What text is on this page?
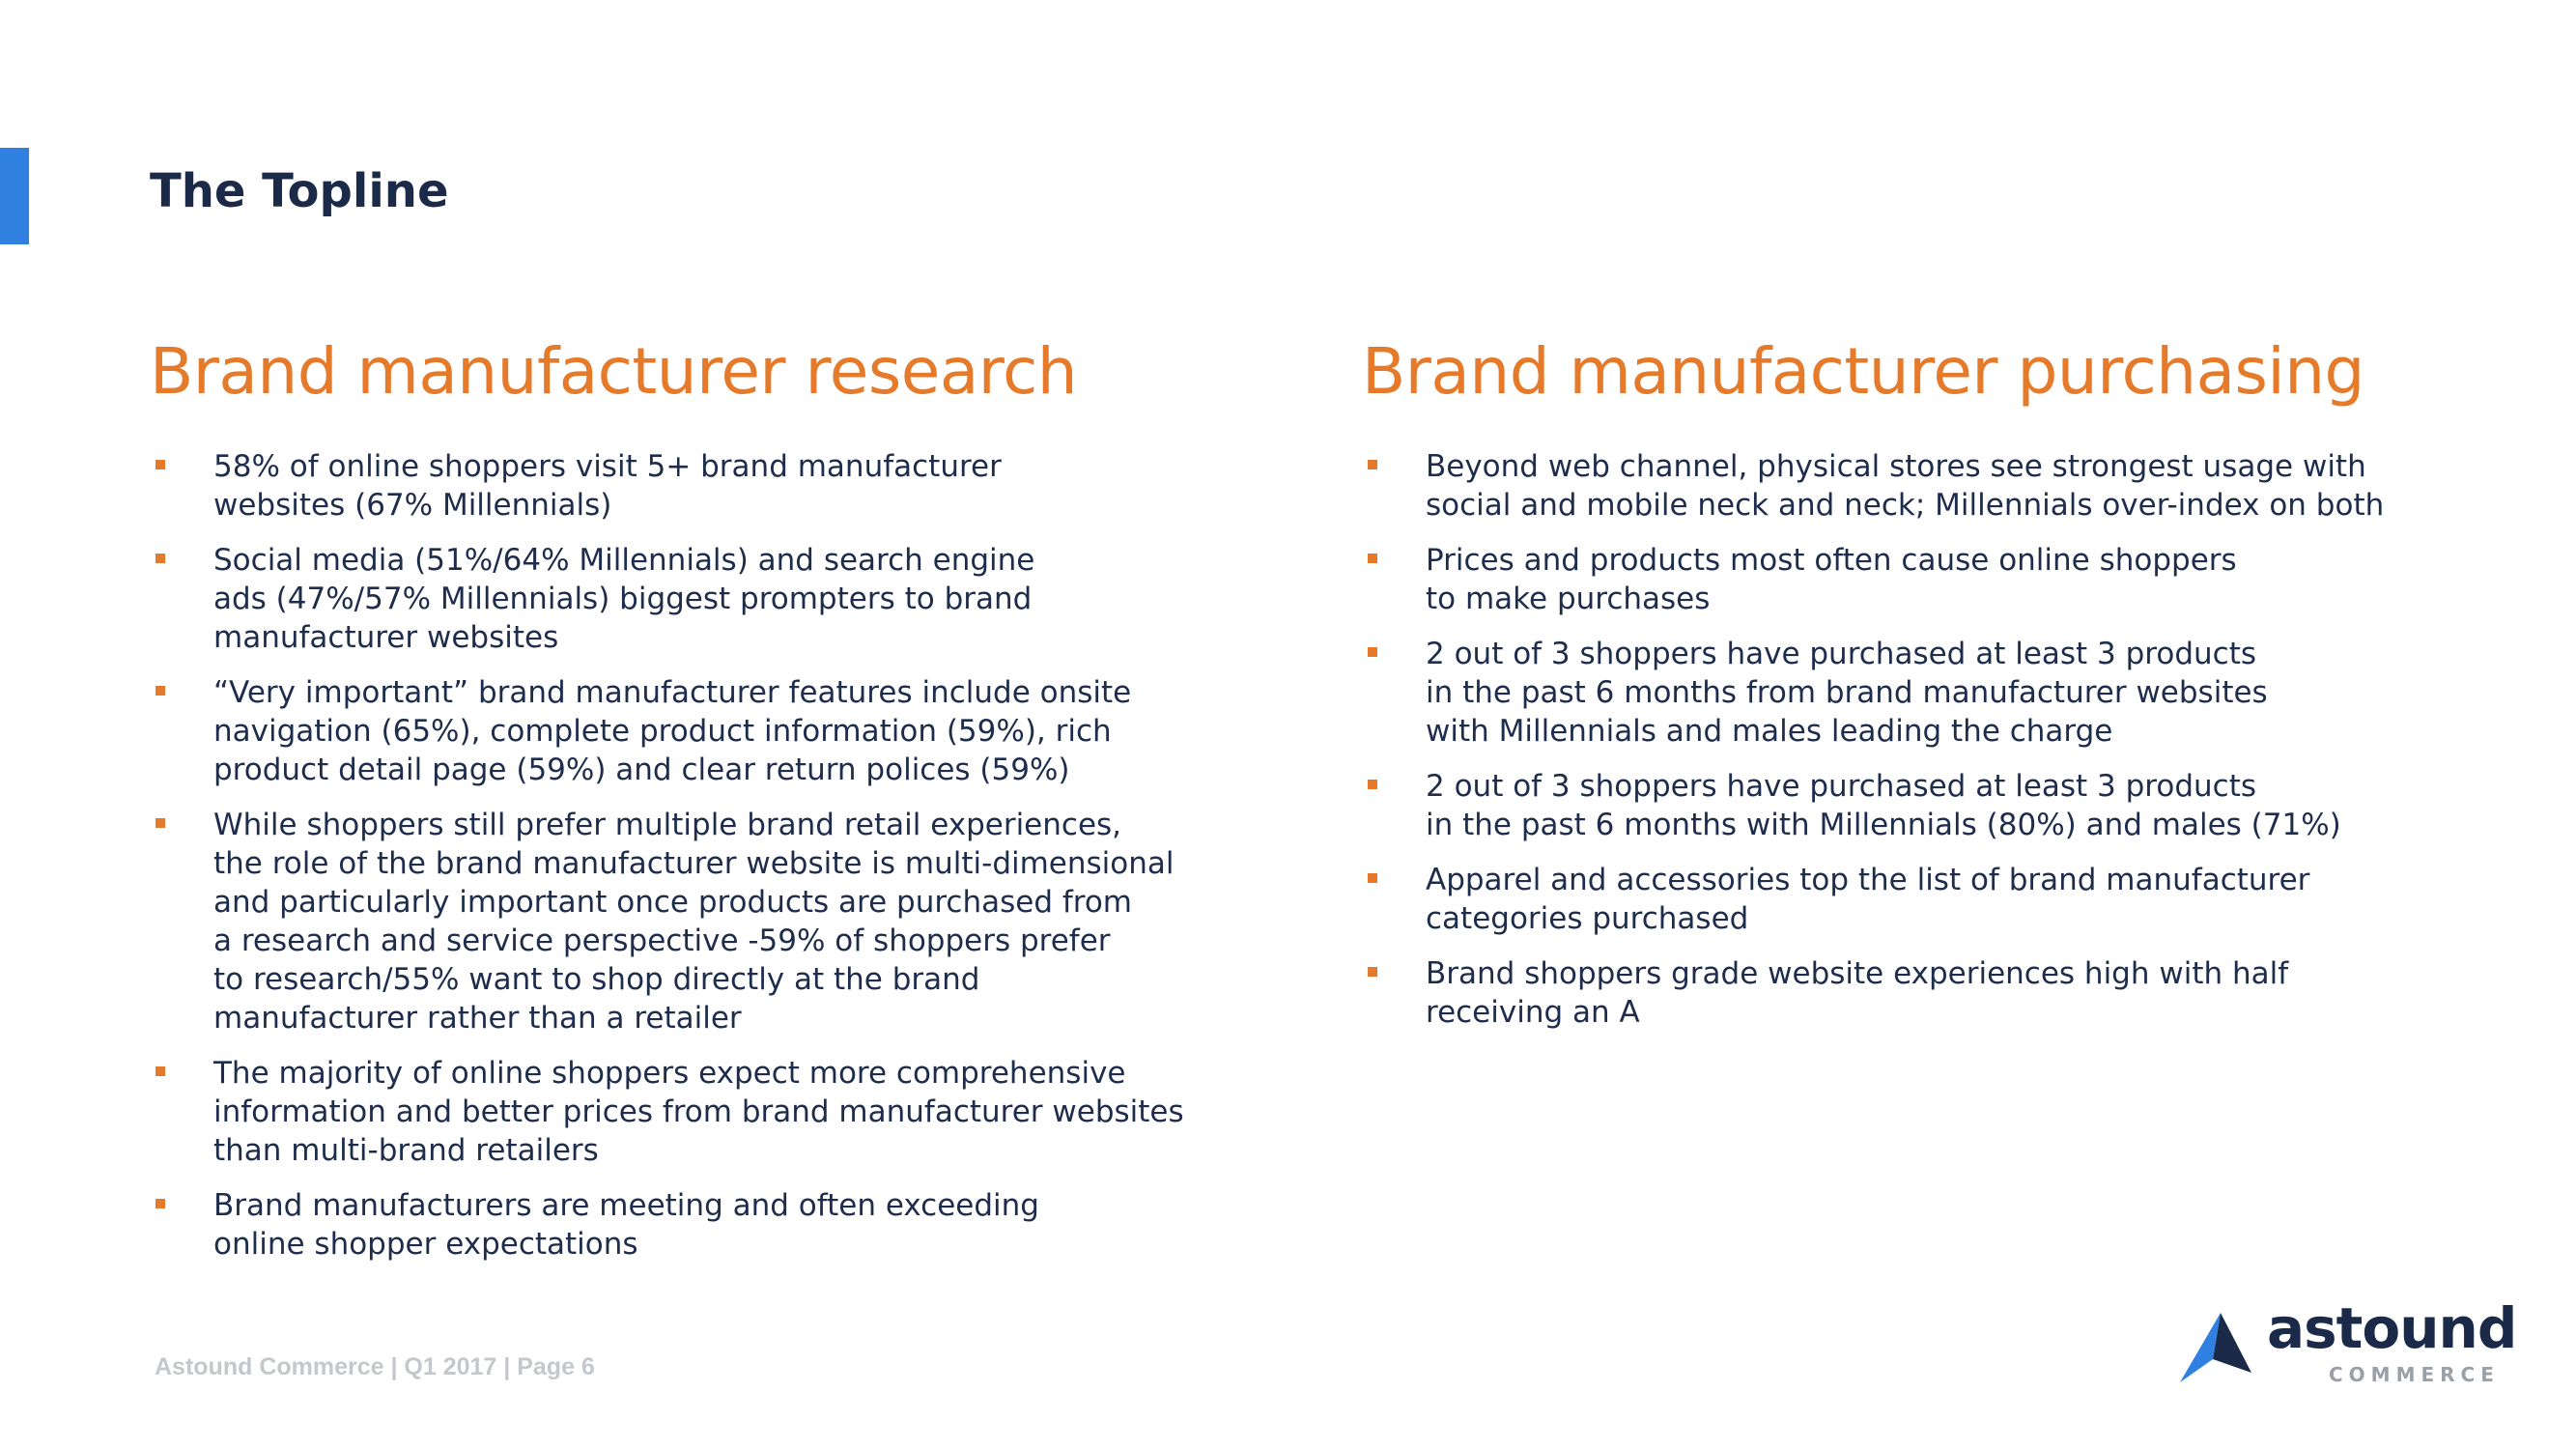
The Topline
Brand manufacturer research
58% of online shoppers visit 5+ brand manufacturer
websites (67% Millennials)
Social media (51%/64% Millennials) and search engine
ads (47%/57% Millennials) biggest prompters to brand
manufacturer websites
“Very important” brand manufacturer features include onsite
navigation (65%), complete product information (59%), rich
product detail page (59%) and clear return polices (59%)
While shoppers still prefer multiple brand retail experiences,
the role of the brand manufacturer website is multi-dimensional
and particularly important once products are purchased from
a research and service perspective -59% of shoppers prefer
to research/55% want to shop directly at the brand
manufacturer rather than a retailer
The majority of online shoppers expect more comprehensive
information and better prices from brand manufacturer websites
than multi-brand retailers
Brand manufacturers are meeting and often exceeding
online shopper expectations
Brand manufacturer purchasing
Beyond web channel, physical stores see strongest usage with
social and mobile neck and neck; Millennials over-index on both
Prices and products most often cause online shoppers
to make purchases
2 out of 3 shoppers have purchased at least 3 products
in the past 6 months from brand manufacturer websites
with Millennials and males leading the charge
2 out of 3 shoppers have purchased at least 3 products
in the past 6 months with Millennials (80%) and males (71%)
Apparel and accessories top the list of brand manufacturer
categories purchased
Brand shoppers grade website experiences high with half
receiving an A
Astound Commerce | Q1 2017 | Page 6
astound
COMMERCE
